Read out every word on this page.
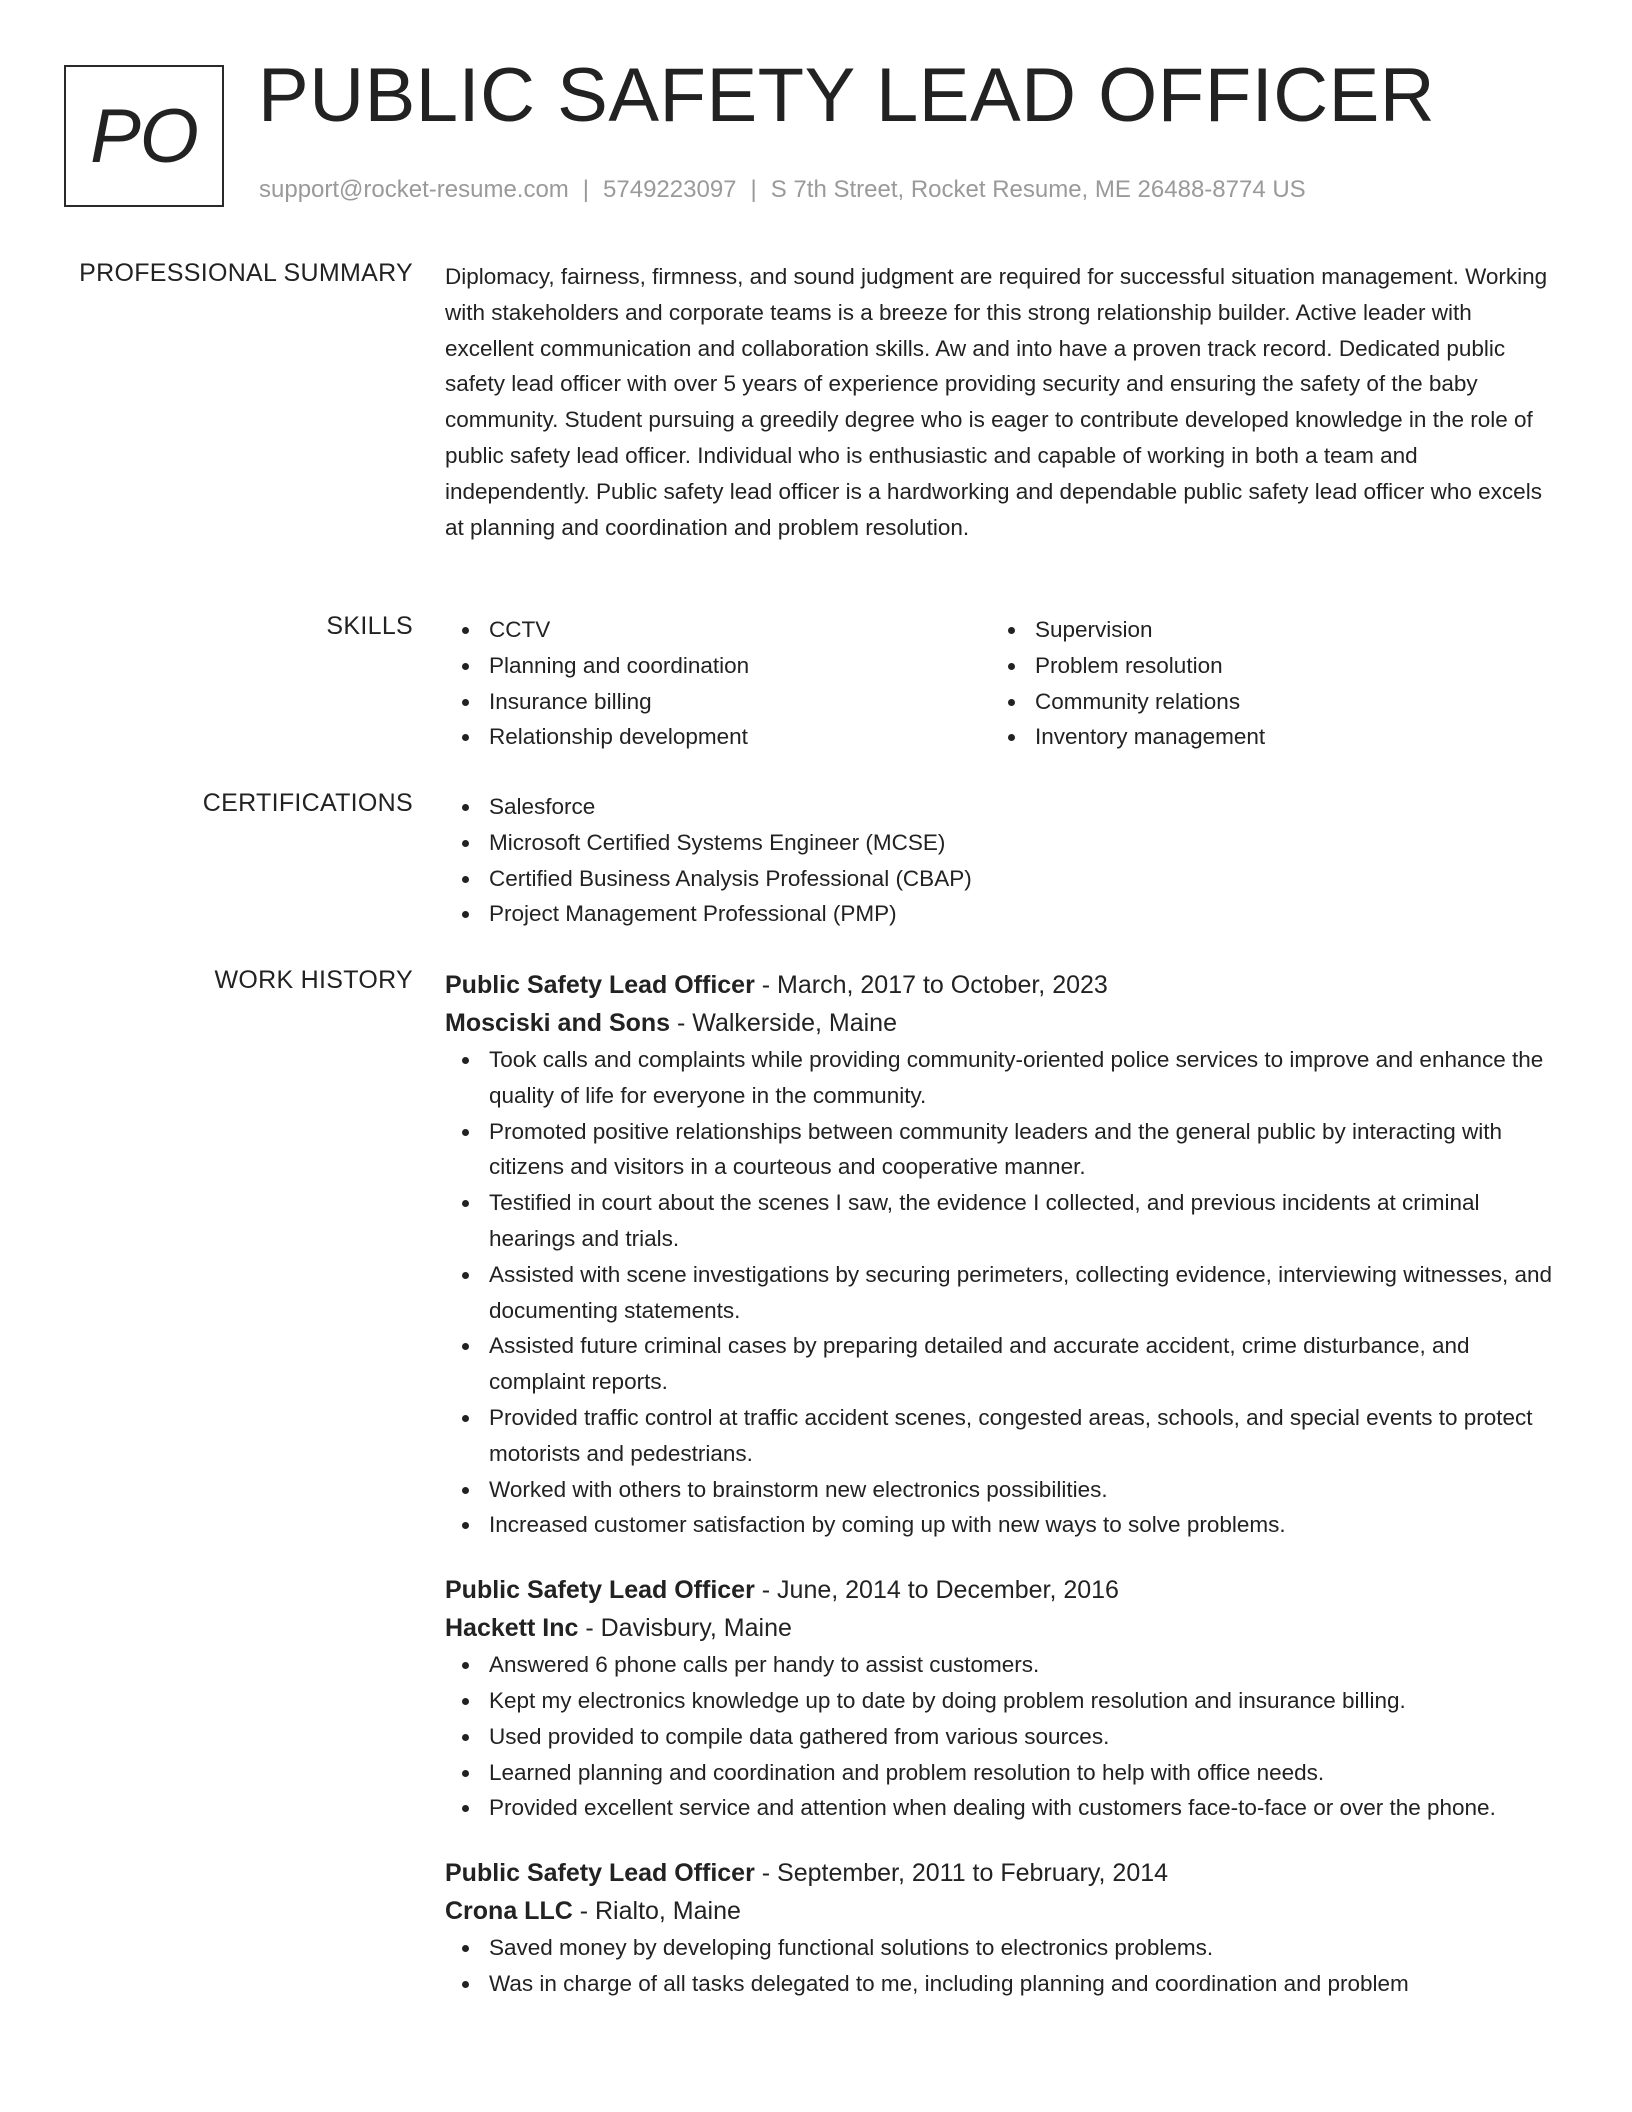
PO PUBLIC SAFETY LEAD OFFICER
support@rocket-resume.com | 5749223097 | S 7th Street, Rocket Resume, ME 26488-8774 US
PROFESSIONAL SUMMARY Diplomacy, fairness, firmness, and sound judgment are required for successful situation management. Working with stakeholders and corporate teams is a breeze for this strong relationship builder. Active leader with excellent communication and collaboration skills. Aw and into have a proven track record. Dedicated public safety lead officer with over 5 years of experience providing security and ensuring the safety of the baby community. Student pursuing a greedily degree who is eager to contribute developed knowledge in the role of public safety lead officer. Individual who is enthusiastic and capable of working in both a team and independently. Public safety lead officer is a hardworking and dependable public safety lead officer who excels at planning and coordination and problem resolution.
SKILLS	CCTV
Planning and coordination
Insurance billing
Relationship development
Supervision
Problem resolution
Community relations
Inventory management
CERTIFICATIONS	Salesforce
Microsoft Certified Systems Engineer (MCSE)
Certified Business Analysis Professional (CBAP)
Project Management Professional (PMP)
WORK HISTORY Public Safety Lead Officer - March, 2017 to October, 2023
Mosciski and Sons - Walkerside, Maine
Took calls and complaints while providing community-oriented police services to improve and enhance the quality of life for everyone in the community.
Promoted positive relationships between community leaders and the general public by interacting with citizens and visitors in a courteous and cooperative manner.
Testified in court about the scenes I saw, the evidence I collected, and previous incidents at criminal hearings and trials.
Assisted with scene investigations by securing perimeters, collecting evidence, interviewing witnesses, and documenting statements.
Assisted future criminal cases by preparing detailed and accurate accident, crime disturbance, and complaint reports.
Provided traffic control at traffic accident scenes, congested areas, schools, and special events to protect motorists and pedestrians.
Worked with others to brainstorm new electronics possibilities.
Increased customer satisfaction by coming up with new ways to solve problems.
Public Safety Lead Officer - June, 2014 to December, 2016
Hackett Inc - Davisbury, Maine
Answered 6 phone calls per handy to assist customers.
Kept my electronics knowledge up to date by doing problem resolution and insurance billing.
Used provided to compile data gathered from various sources.
Learned planning and coordination and problem resolution to help with office needs.
Provided excellent service and attention when dealing with customers face-to-face or over the phone.
Public Safety Lead Officer - September, 2011 to February, 2014
Crona LLC - Rialto, Maine
Saved money by developing functional solutions to electronics problems.
Was in charge of all tasks delegated to me, including planning and coordination and problem
